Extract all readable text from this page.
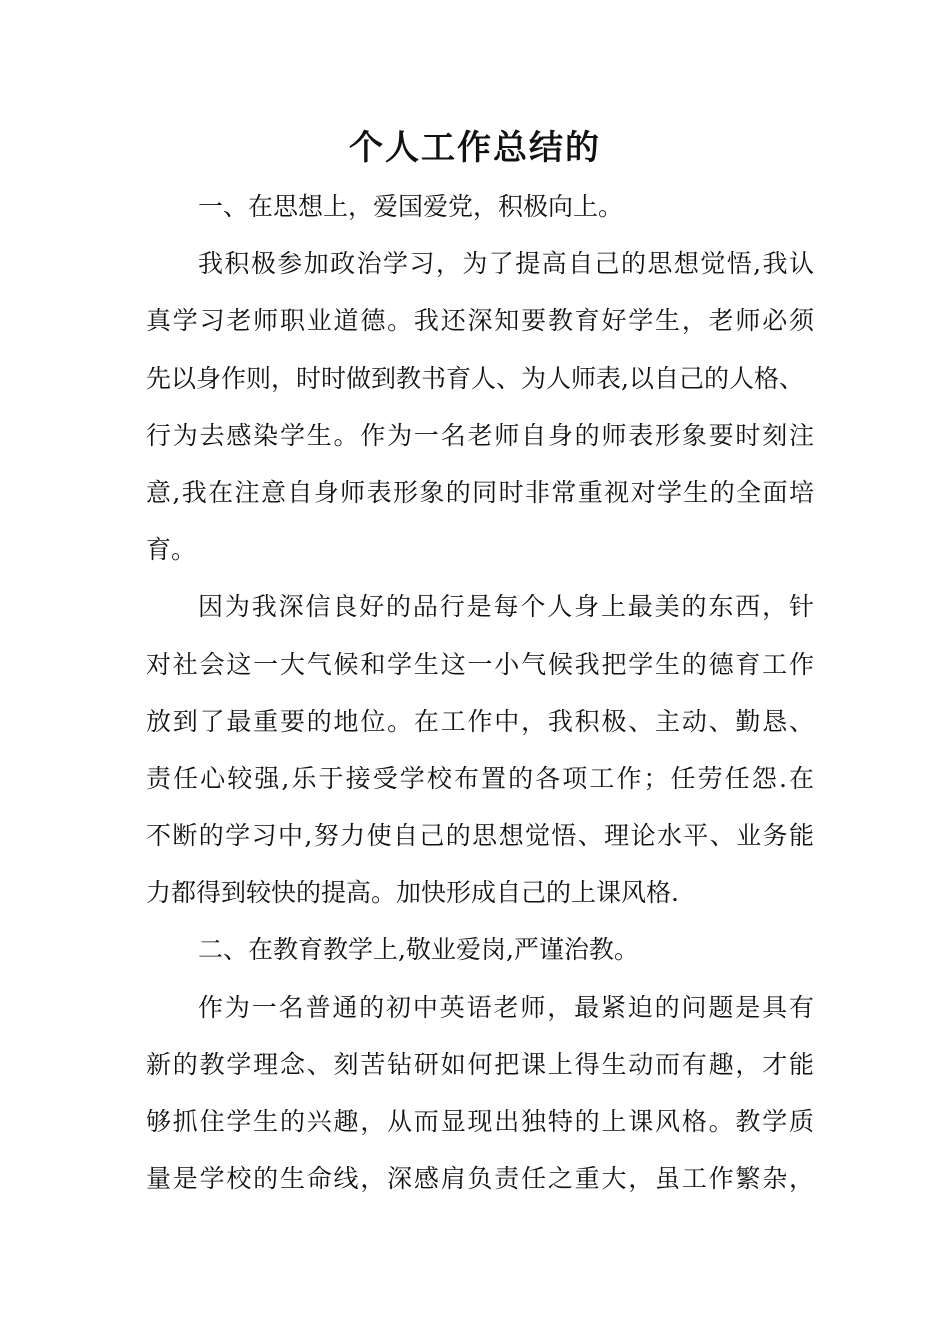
个人工作总结的
一、在思想上，爱国爱党，积极向上。
我积极参加政治学习，为了提高自己的思想觉悟,我认
真学习老师职业道德。我还深知要教育好学生，老师必须
先以身作则，时时做到教书育人、为人师表,以自己的人格、
行为去感染学生。作为一名老师自身的师表形象要时刻注
意,我在注意自身师表形象的同时非常重视对学生的全面培
育。
因为我深信良好的品行是每个人身上最美的东西，针
对社会这一大气候和学生这一小气候我把学生的德育工作
放到了最重要的地位。在工作中，我积极、主动、勤恳、
责任心较强,乐于接受学校布置的各项工作；任劳任怨.在
不断的学习中,努力使自己的思想觉悟、理论水平、业务能
力都得到较快的提高。加快形成自己的上课风格.
二、在教育教学上,敬业爱岗,严谨治教。
作为一名普通的初中英语老师，最紧迫的问题是具有
新的教学理念、刻苦钻研如何把课上得生动而有趣，才能
够抓住学生的兴趣，从而显现出独特的上课风格。教学质
量是学校的生命线，深感肩负责任之重大，虽工作繁杂，
